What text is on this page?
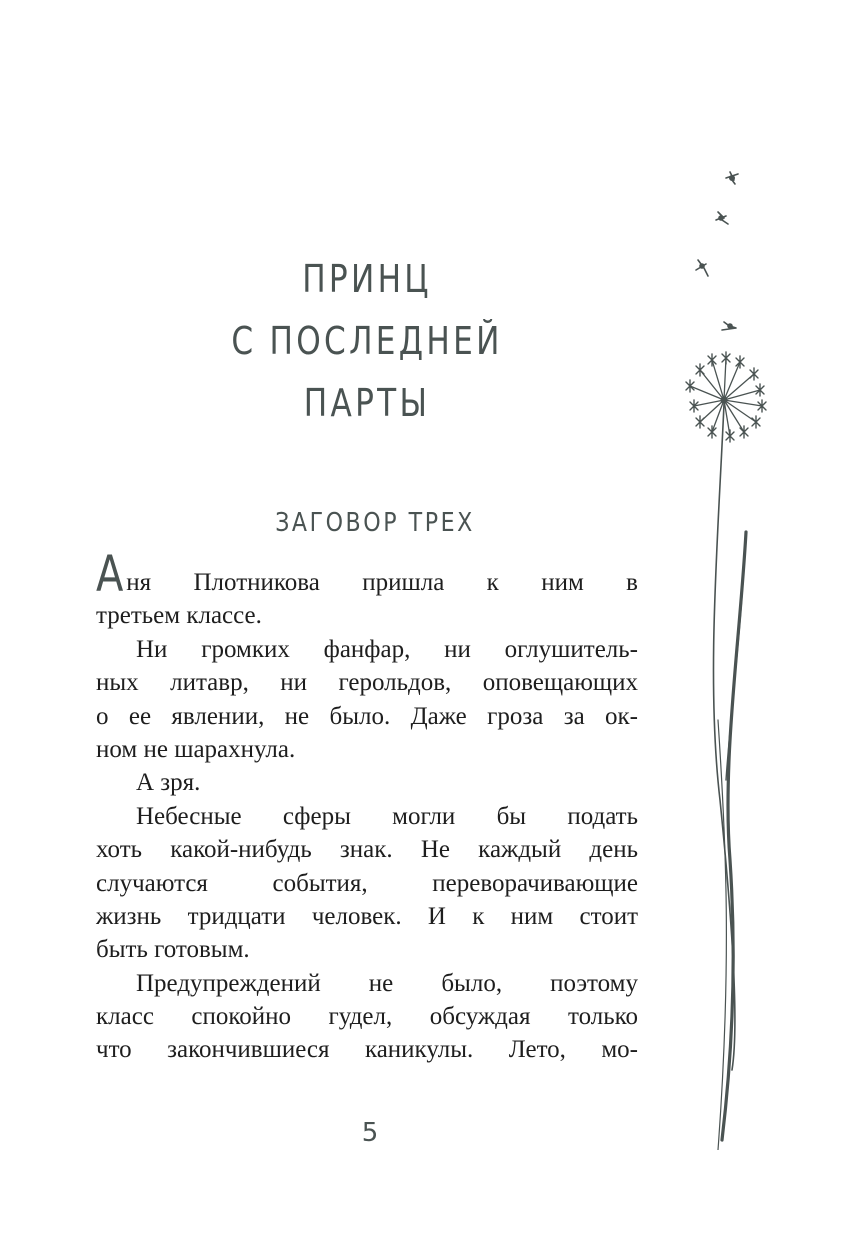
ПРИНЦ
С ПОСЛЕДНЕЙ
ПАРТЫ
ЗАГОВОР ТРЕХ
Аня Плотникова пришла к ним в
третьем классе.
Ни громких фанфар, ни оглушитель-
ных литавр, ни герольдов, оповещающих
о ее явлении, не было. Даже гроза за ок-
ном не шарахнула.
А зря.
Небесные сферы могли бы подать
хоть какой-нибудь знак. Не каждый день
случаются события, переворачивающие
жизнь тридцати человек. И к ним стоит
быть готовым.
Предупреждений не было, поэтому
класс спокойно гудел, обсуждая только
что закончившиеся каникулы. Лето, мо-
5
